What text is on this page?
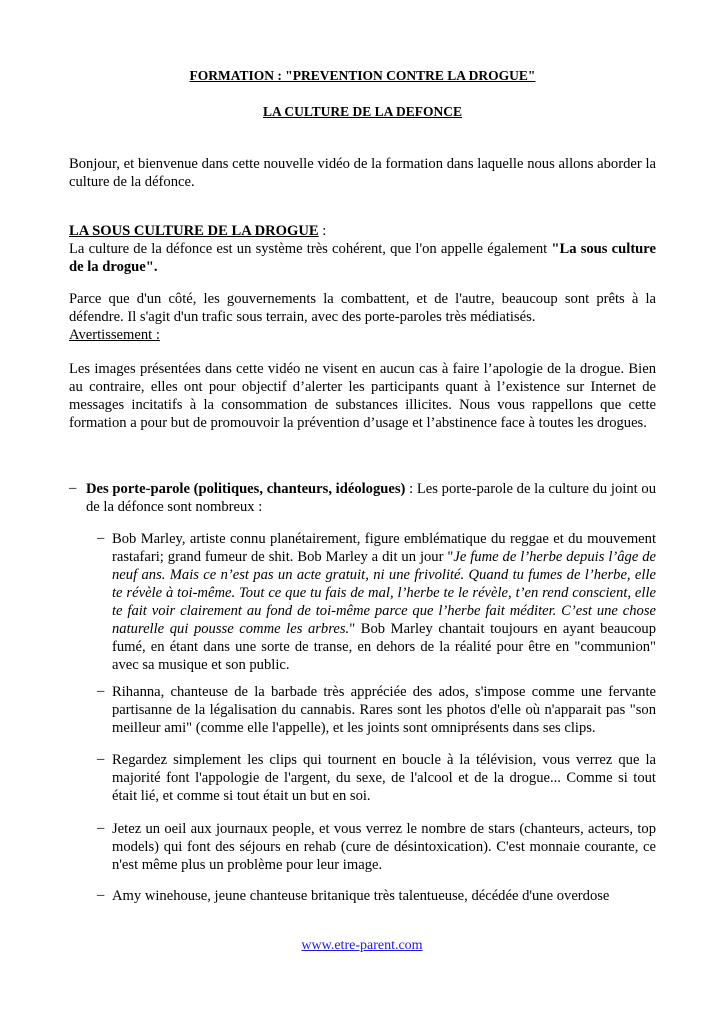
FORMATION : "PREVENTION CONTRE LA DROGUE"
LA CULTURE DE LA DEFONCE

Bonjour, et bienvenue dans cette nouvelle vidéo de la formation dans laquelle nous allons aborder la culture de la défonce.

LA SOUS CULTURE DE LA DROGUE :
La culture de la défonce est un système très cohérent, que l'on appelle également "La sous culture de la drogue".

Parce que d'un côté, les gouvernements la combattent, et de l'autre, beaucoup sont prêts à la défendre. Il s'agit d'un trafic sous terrain, avec des porte-paroles très médiatisés.
Avertissement :

Les images présentées dans cette vidéo ne visent en aucun cas à faire l’apologie de la drogue. Bien au contraire, elles ont pour objectif d’alerter les participants quant à l’existence sur Internet de messages incitatifs à la consommation de substances illicites. Nous vous rappellons que cette formation a pour but de promouvoir la prévention d’usage et l’abstinence face à toutes les drogues.

– Des porte-parole (politiques, chanteurs, idéologues) : Les porte-parole de la culture du joint ou de la défonce sont nombreux :

– Bob Marley, artiste connu planétairement, figure emblématique du reggae et du mouvement rastafari; grand fumeur de shit. Bob Marley a dit un jour "Je fume de l’herbe depuis l’âge de neuf ans. Mais ce n’est pas un acte gratuit, ni une frivolité. Quand tu fumes de l’herbe, elle te révèle à toi-même. Tout ce que tu fais de mal, l’herbe te le révèle, t’en rend conscient, elle te fait voir clairement au fond de toi-même parce que l’herbe fait méditer. C’est une chose naturelle qui pousse comme les arbres." Bob Marley chantait toujours en ayant beaucoup fumé, en étant dans une sorte de transe, en dehors de la réalité pour être en "communion" avec sa musique et son public.

– Rihanna, chanteuse de la barbade très appréciée des ados, s'impose comme une fervante partisanne de la légalisation du cannabis. Rares sont les photos d'elle où n'apparait pas "son meilleur ami" (comme elle l'appelle), et les joints sont omniprésents dans ses clips.

– Regardez simplement les clips qui tournent en boucle à la télévision, vous verrez que la majorité font l'appologie de l'argent, du sexe, de l'alcool et de la drogue... Comme si tout était lié, et comme si tout était un but en soi.

– Jetez un oeil aux journaux people, et vous verrez le nombre de stars (chanteurs, acteurs, top models) qui font des séjours en rehab (cure de désintoxication). C'est monnaie courante, ce n'est même plus un problème pour leur image.

– Amy winehouse, jeune chanteuse britanique très talentueuse, décédée d'une overdose

www.etre-parent.com
